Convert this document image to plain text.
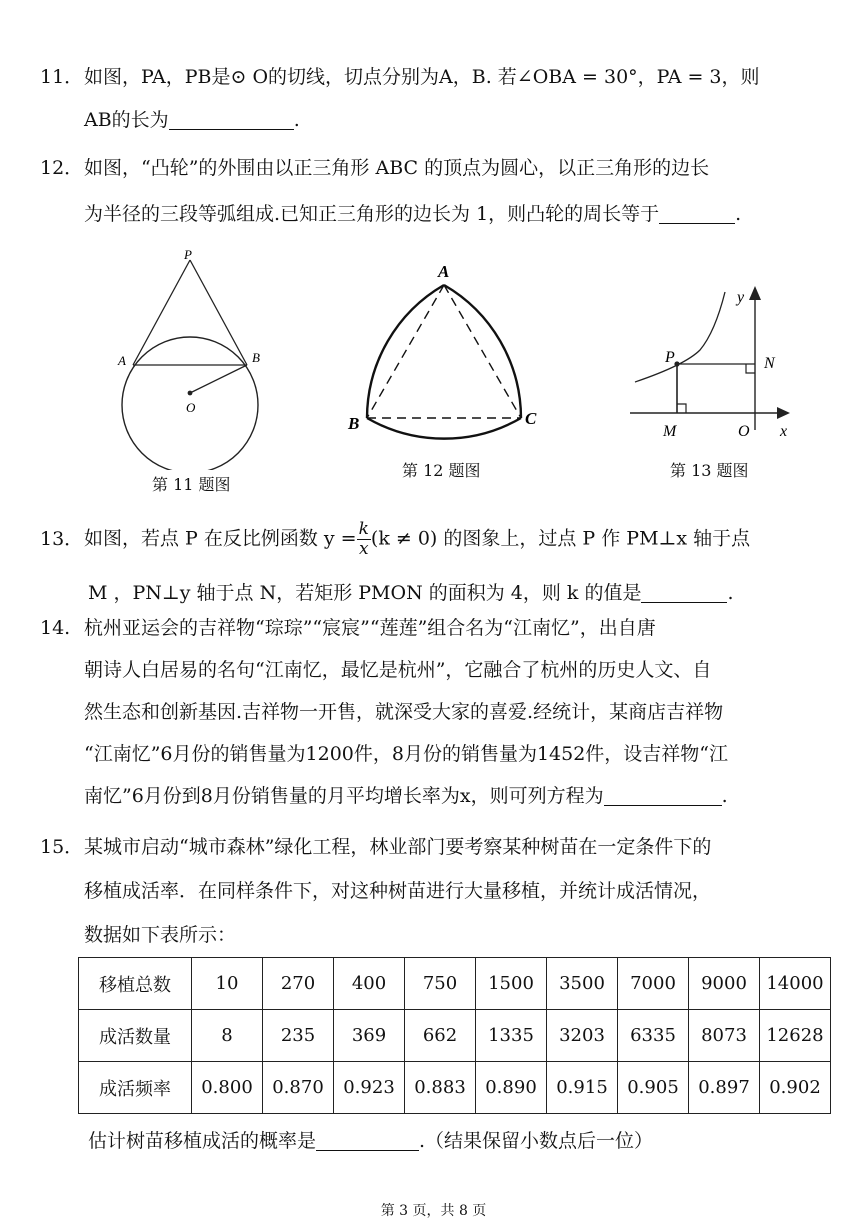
11．如图，PA，PB是⊙ O的切线，切点分别为A，B. 若∠OBA = 30°，PA = 3，则
AB的长为	.
12．如图，“凸轮”的外围由以正三角形 ABC 的顶点为圆心，以正三角形的边长
为半径的三段等弧组成.已知正三角形的边长为 1，则凸轮的周长等于	.
P
A	B
O
第 11 题图
A
B	C
第 12 题图
y
P	N
M	O x
第 13 题图
13．如图，若点 P 在反比例函数 $y = \frac{k}{x} (k \ne 0)$ 的图象上，过点 P 作 PM⊥x 轴于点
M ，PN⊥y 轴于点 N，若矩形 PMON 的面积为 4，则 k 的值是	.
14. 杭州亚运会的吉祥物“琮琮”“宸宸”“莲莲”组合名为“江南忆”，出自唐
朝诗人白居易的名句“江南忆，最忆是杭州”，它融合了杭州的历史人文、自
然生态和创新基因.吉祥物一开售，就深受大家的喜爱.经统计，某商店吉祥物
“江南忆”6月份的销售量为1200件，8月份的销售量为1452件，设吉祥物“江
南忆”6月份到8月份销售量的月平均增长率为x，则可列方程为	.
15．某城市启动“城市森林”绿化工程，林业部门要考察某种树苗在一定条件下的
移植成活率．在同样条件下，对这种树苗进行大量移植，并统计成活情况，
数据如下表所示：
移植总数	10	270	400	750	1500	3500	7000	9000	14000
成活数量	8	235	369	662	1335	3203	6335	8073	12628
成活频率	0.800	0.870	0.923	0.883	0.890	0.915	0.905	0.897	0.902
估计树苗移植成活的概率是	.（结果保留小数点后一位）
第 3 页，共 8 页
